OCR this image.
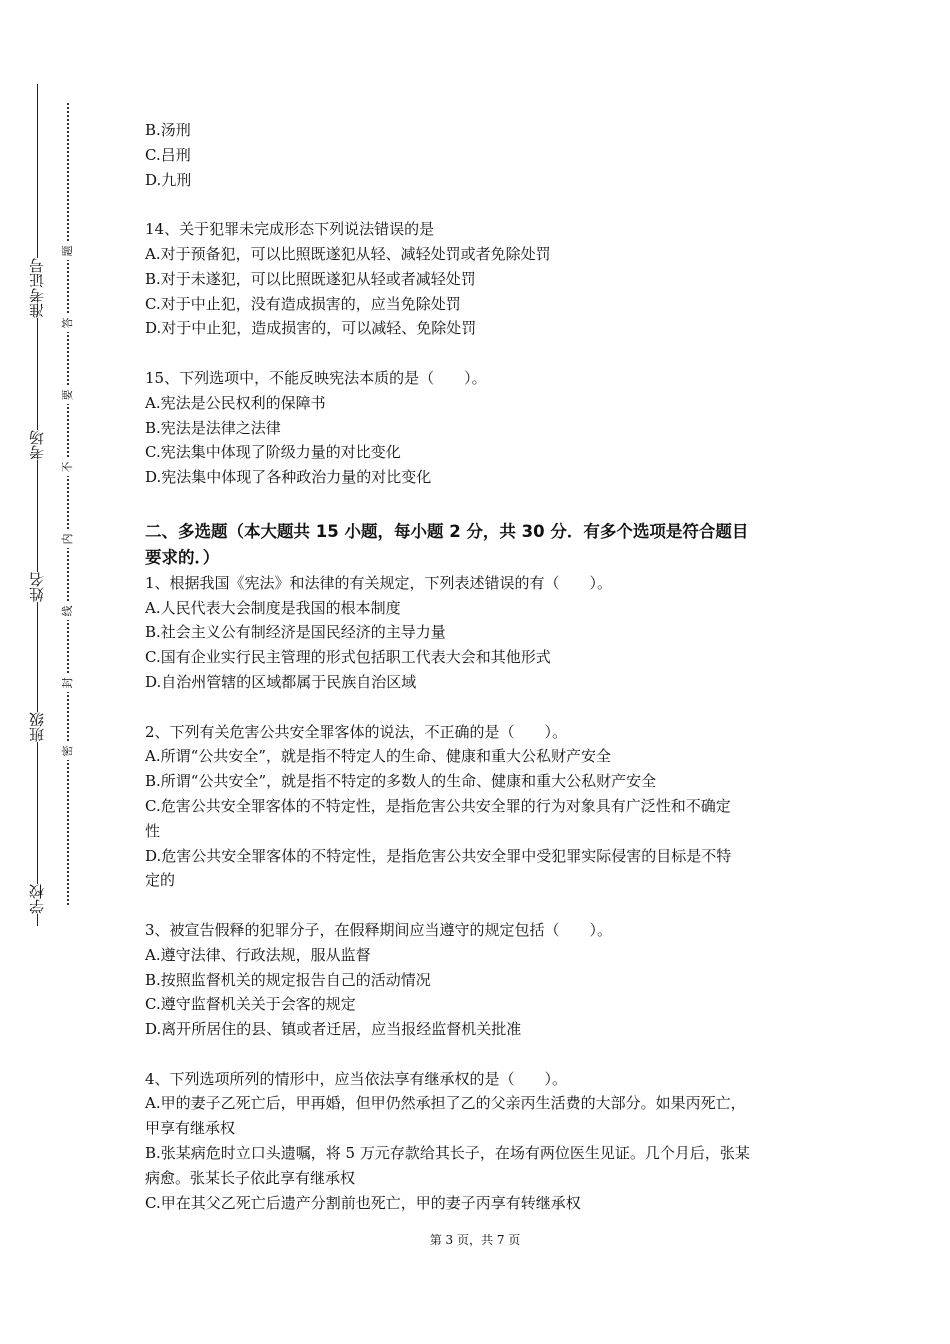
学校
班级
姓名
考场
准考证号
密
封
线
内
不
要
答
题
B.汤刑
C.吕刑
D.九刑
14、关于犯罪未完成形态下列说法错误的是
A.对于预备犯，可以比照既遂犯从轻、减轻处罚或者免除处罚
B.对于未遂犯，可以比照既遂犯从轻或者减轻处罚
C.对于中止犯，没有造成损害的，应当免除处罚
D.对于中止犯，造成损害的，可以减轻、免除处罚
15、下列选项中，不能反映宪法本质的是（　　）。
A.宪法是公民权利的保障书
B.宪法是法律之法律
C.宪法集中体现了阶级力量的对比变化
D.宪法集中体现了各种政治力量的对比变化
二、多选题（本大题共 15 小题，每小题 2 分，共 30 分．有多个选项是符合题目
要求的．）
1、根据我国《宪法》和法律的有关规定，下列表述错误的有（　　）。
A.人民代表大会制度是我国的根本制度
B.社会主义公有制经济是国民经济的主导力量
C.国有企业实行民主管理的形式包括职工代表大会和其他形式
D.自治州管辖的区域都属于民族自治区域
2、下列有关危害公共安全罪客体的说法，不正确的是（　　）。
A.所谓“公共安全”，就是指不特定人的生命、健康和重大公私财产安全
B.所谓“公共安全”，就是指不特定的多数人的生命、健康和重大公私财产安全
C.危害公共安全罪客体的不特定性，是指危害公共安全罪的行为对象具有广泛性和不确定
性
D.危害公共安全罪客体的不特定性，是指危害公共安全罪中受犯罪实际侵害的目标是不特
定的
3、被宣告假释的犯罪分子，在假释期间应当遵守的规定包括（　　）。
A.遵守法律、行政法规，服从监督
B.按照监督机关的规定报告自己的活动情况
C.遵守监督机关关于会客的规定
D.离开所居住的县、镇或者迁居，应当报经监督机关批准
4、下列选项所列的情形中，应当依法享有继承权的是（　　）。
A.甲的妻子乙死亡后，甲再婚，但甲仍然承担了乙的父亲丙生活费的大部分。如果丙死亡，
甲享有继承权
B.张某病危时立口头遗嘱，将 5 万元存款给其长子，在场有两位医生见证。几个月后，张某
病愈。张某长子依此享有继承权
C.甲在其父乙死亡后遗产分割前也死亡，甲的妻子丙享有转继承权
第 3 页，共 7 页
